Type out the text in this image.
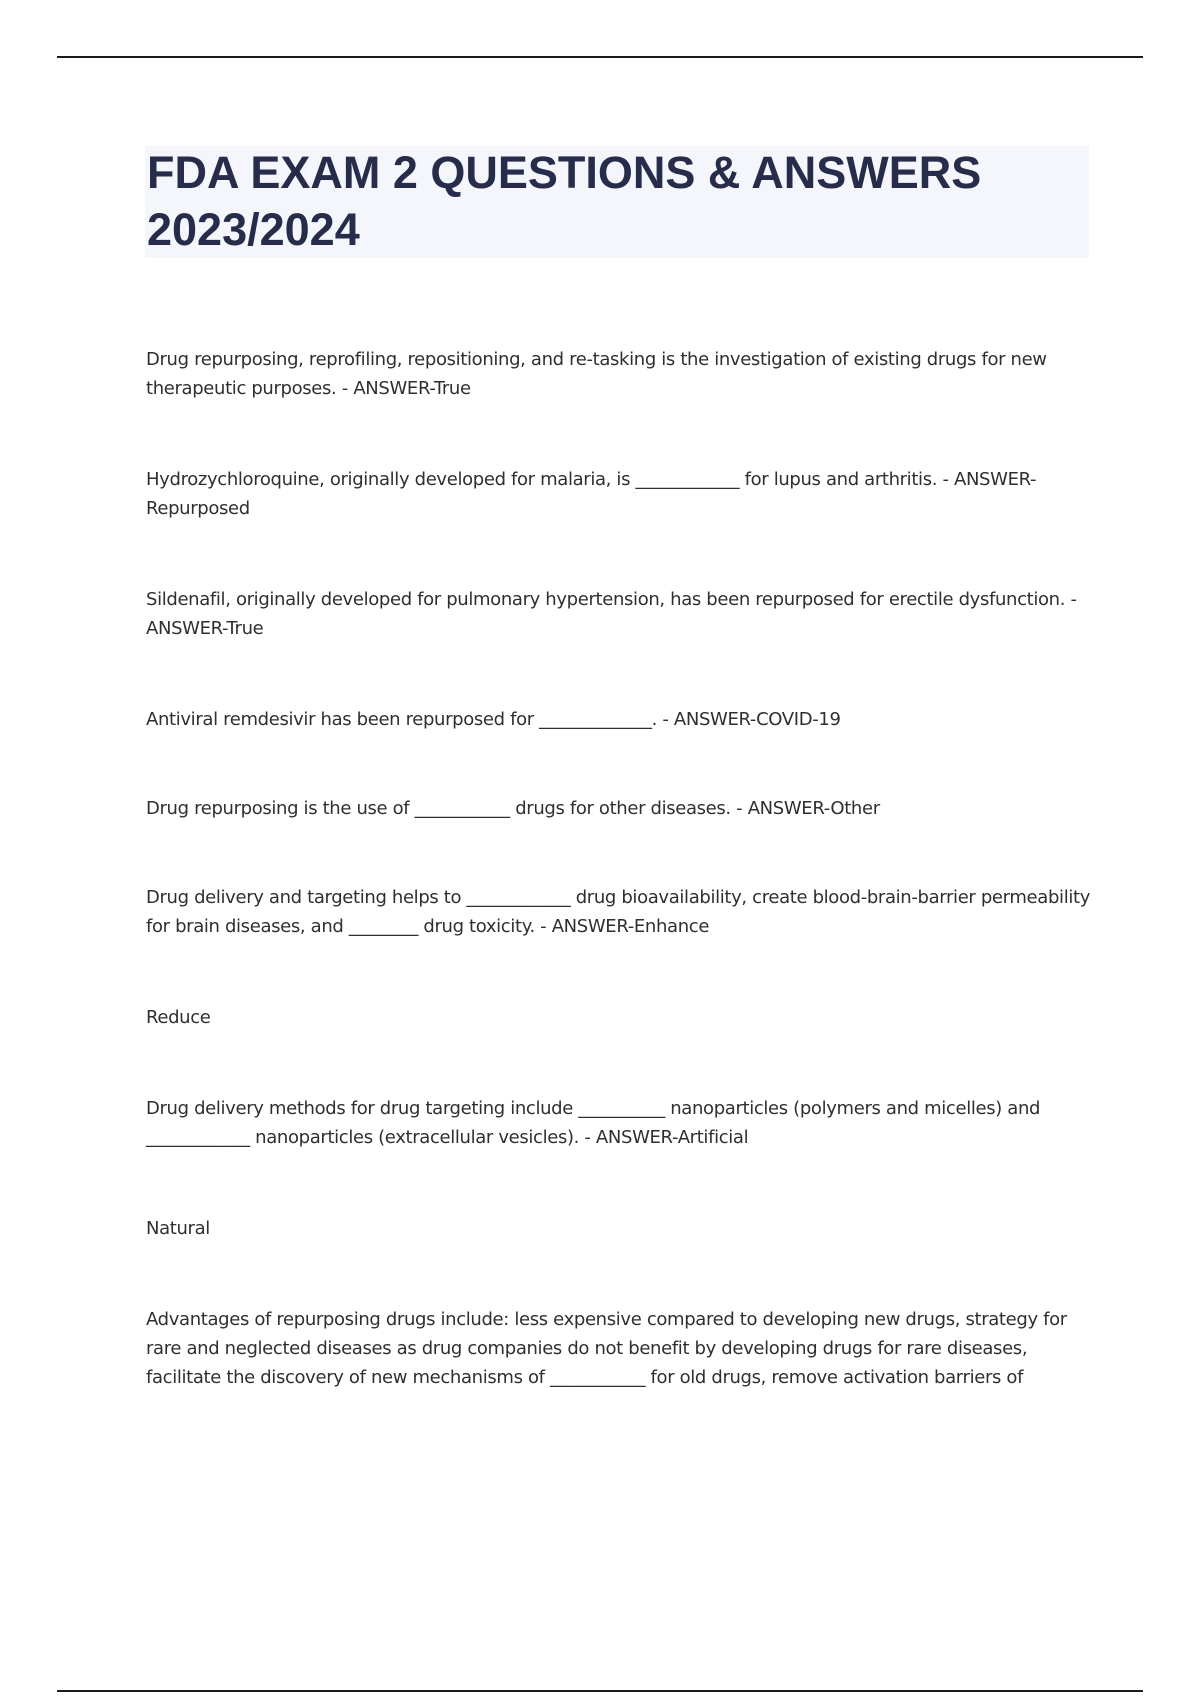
FDA EXAM 2 QUESTIONS & ANSWERS 2023/2024

Drug repurposing, reprofiling, repositioning, and re-tasking is the investigation of existing drugs for new therapeutic purposes. - ANSWER-True

Hydrozychloroquine, originally developed for malaria, is ____________ for lupus and arthritis. - ANSWER-Repurposed

Sildenafil, originally developed for pulmonary hypertension, has been repurposed for erectile dysfunction. - ANSWER-True

Antiviral remdesivir has been repurposed for _____________. - ANSWER-COVID-19

Drug repurposing is the use of ___________ drugs for other diseases. - ANSWER-Other

Drug delivery and targeting helps to ____________ drug bioavailability, create blood-brain-barrier permeability for brain diseases, and ________ drug toxicity. - ANSWER-Enhance

Reduce

Drug delivery methods for drug targeting include __________ nanoparticles (polymers and micelles) and ____________ nanoparticles (extracellular vesicles). - ANSWER-Artificial

Natural

Advantages of repurposing drugs include: less expensive compared to developing new drugs, strategy for rare and neglected diseases as drug companies do not benefit by developing drugs for rare diseases, facilitate the discovery of new mechanisms of ___________ for old drugs, remove activation barriers of
